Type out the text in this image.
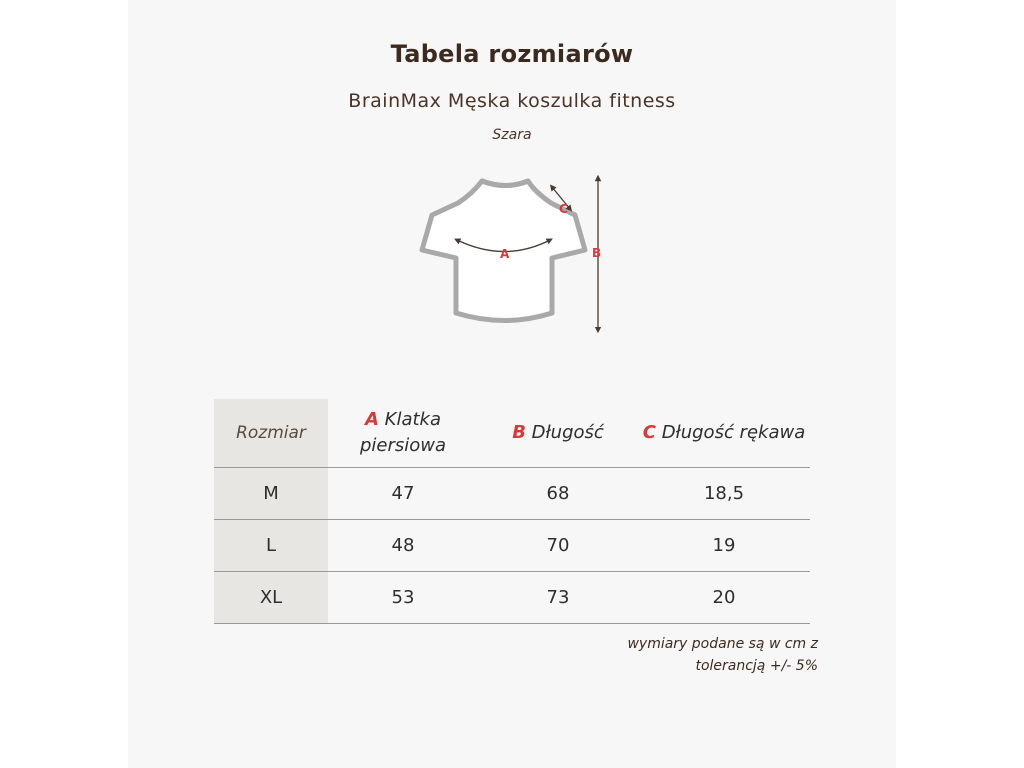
Tabela rozmiarów
BrainMax Męska koszulka fitness
Szara
A
C
B
Rozmiar	A Klatka piersiowa	B Długość	C Długość rękawa
M	47	68	18,5
L	48	70	19
XL	53	73	20
wymiary podane są w cm z
tolerancją +/- 5%
